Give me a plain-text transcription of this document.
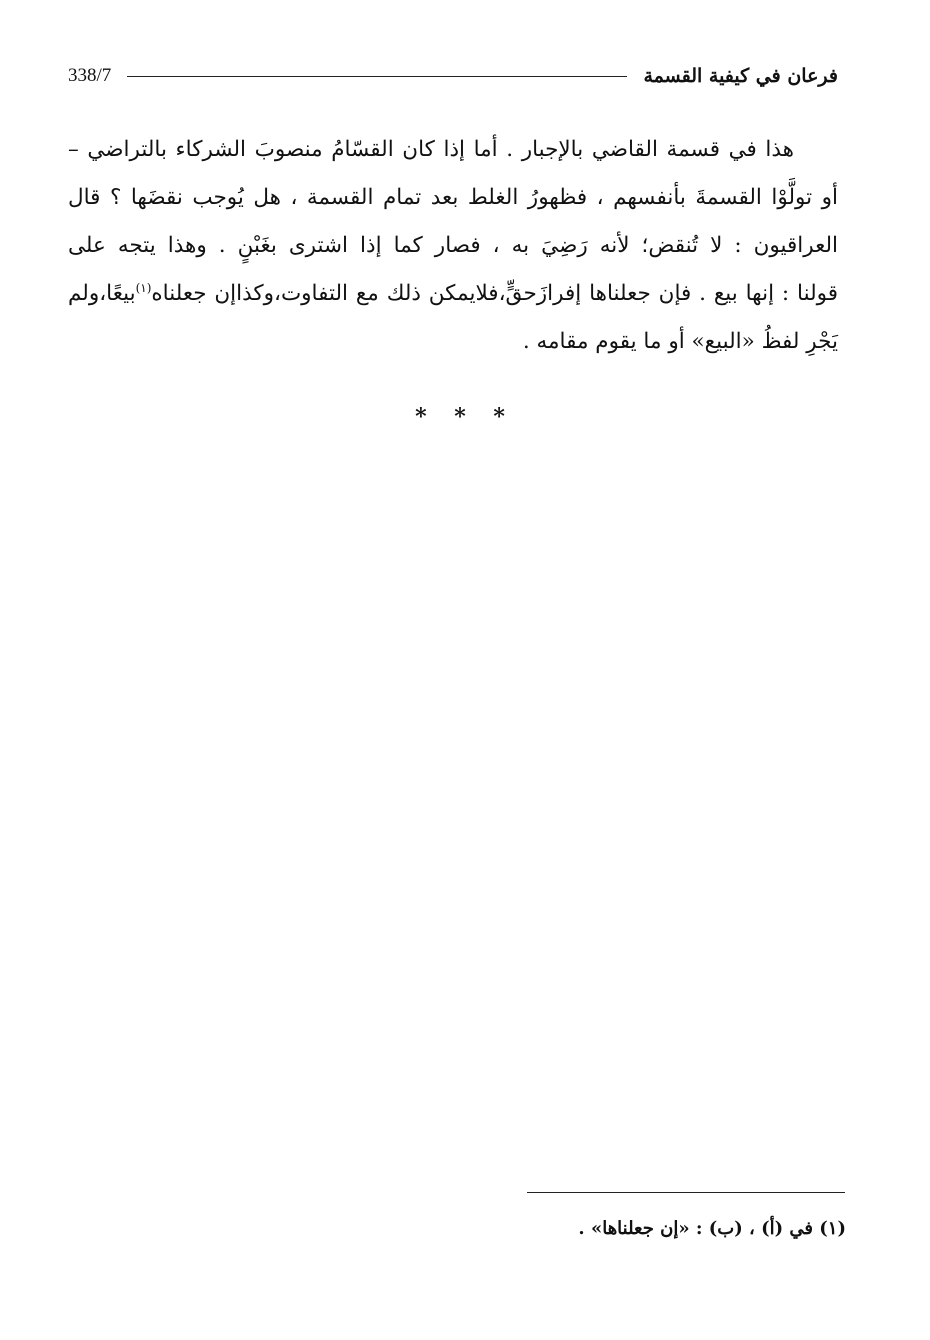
338/7	فرعان في كيفية القسمة
هذا في قسمة القاضي بالإجبار . أما إذا كان القسّامُ منصوبَ الشركاء بالتراضي –
أو تولَّوْا القسمةَ بأنفسهم ، فظهورُ الغلط بعد تمام القسمة ، هل يُوجب نقضَها ؟ قال
العراقيون : لا تُنقض؛ لأنه رَضِيَ به ، فصار كما إذا اشترى بغَبْنٍ . وهذا يتجه على
قولنا : إنها بيع . فإن جعلناها إفرازَحقٍّ،فلايمكن ذلك مع التفاوت،وكذاإن جعلناه$^{(١)}$بيعًا،ولم
يَجْرِ لفظُ «البيع» أو ما يقوم مقامه .
* * *
(١) في (أ) ، (ب) : «إن جعلناها» .
